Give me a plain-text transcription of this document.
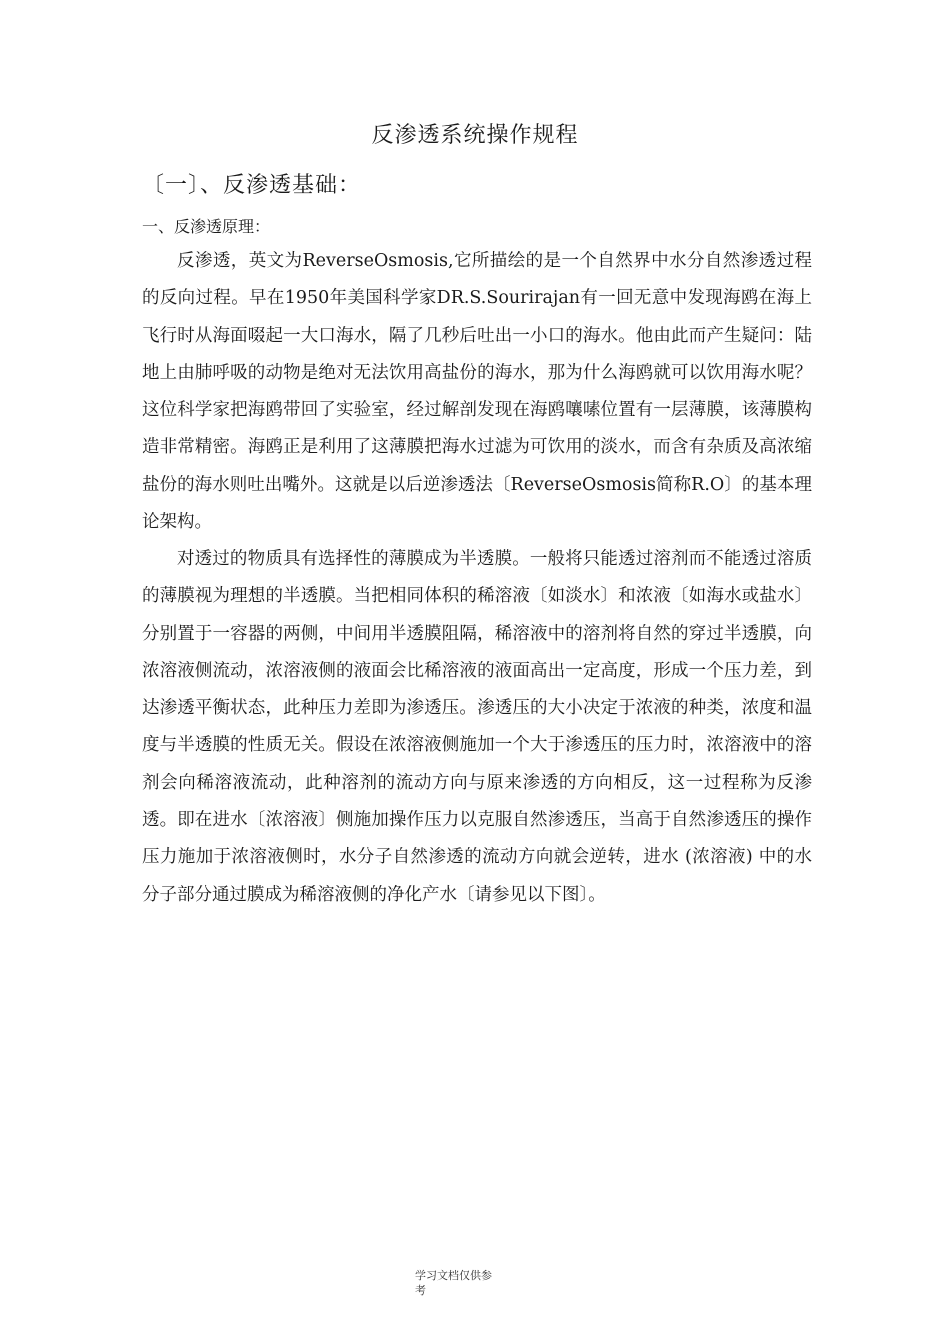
反渗透系统操作规程
〔一〕、反渗透基础：
一、反渗透原理：

反渗透，英文为ReverseOsmosis,它所描绘的是一个自然界中水分自然渗透过程的反向过程。早在1950年美国科学家DR.S.Sourirajan有一回无意中发现海鸥在海上飞行时从海面啜起一大口海水，隔了几秒后吐出一小口的海水。他由此而产生疑问：陆地上由肺呼吸的动物是绝对无法饮用高盐份的海水，那为什么海鸥就可以饮用海水呢？这位科学家把海鸥带回了实验室，经过解剖发现在海鸥嚷嗉位置有一层薄膜，该薄膜构造非常精密。海鸥正是利用了这薄膜把海水过滤为可饮用的淡水，而含有杂质及高浓缩盐份的海水则吐出嘴外。这就是以后逆渗透法〔ReverseOsmosis简称R.O〕的基本理论架构。

对透过的物质具有选择性的薄膜成为半透膜。一般将只能透过溶剂而不能透过溶质的薄膜视为理想的半透膜。当把相同体积的稀溶液〔如淡水〕和浓液〔如海水或盐水〕分别置于一容器的两侧，中间用半透膜阻隔，稀溶液中的溶剂将自然的穿过半透膜，向浓溶液侧流动，浓溶液侧的液面会比稀溶液的液面高出一定高度，形成一个压力差，到达渗透平衡状态，此种压力差即为渗透压。渗透压的大小决定于浓液的种类，浓度和温度与半透膜的性质无关。假设在浓溶液侧施加一个大于渗透压的压力时，浓溶液中的溶剂会向稀溶液流动，此种溶剂的流动方向与原来渗透的方向相反，这一过程称为反渗透。即在进水〔浓溶液〕侧施加操作压力以克服自然渗透压，当高于自然渗透压的操作压力施加于浓溶液侧时，水分子自然渗透的流动方向就会逆转，进水 (浓溶液) 中的水分子部分通过膜成为稀溶液侧的净化产水〔请参见以下图〕。

学习文档仅供参
考
